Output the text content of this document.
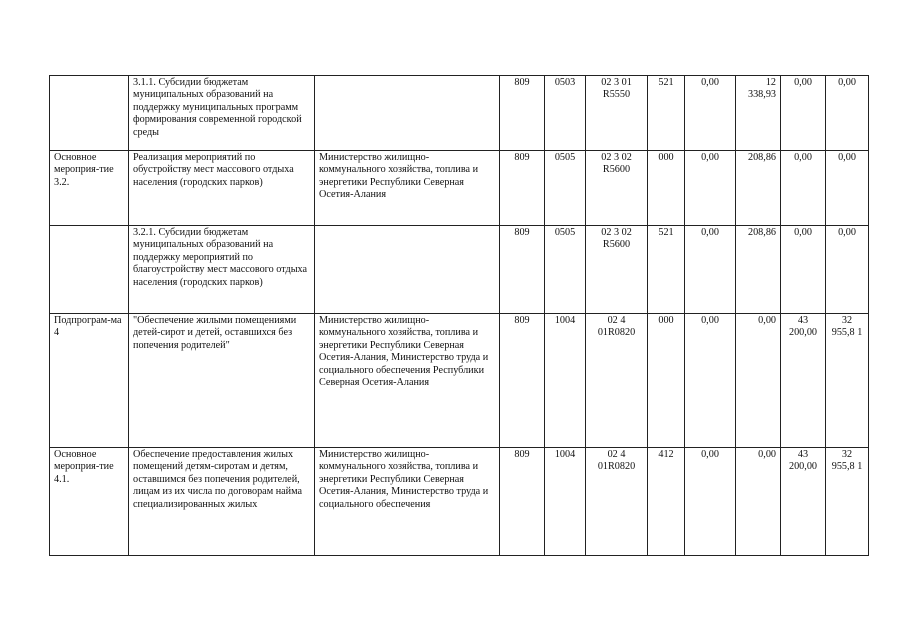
	3.1.1. Субсидии бюджетам муниципальных образований на поддержку муниципальных программ формирования современной городской среды		809	0503	02 3 01 R5550	521	0,00	12 338,93	0,00	0,00
Основное мероприя-тие 3.2.	Реализация мероприятий по обустройству мест массового отдыха населения (городских парков)	Министерство жилищно-коммунального хозяйства, топлива и энергетики Республики Северная Осетия-Алания	809	0505	02 3 02 R5600	000	0,00	208,86	0,00	0,00
	3.2.1. Субсидии бюджетам муниципальных образований на поддержку мероприятий по благоустройству мест массового отдыха населения (городских парков)		809	0505	02 3 02 R5600	521	0,00	208,86	0,00	0,00
Подпрограм-ма 4	"Обеспечение жилыми помещениями детей-сирот и детей, оставшихся без попечения родителей"	Министерство жилищно-коммунального хозяйства, топлива и энергетики Республики Северная Осетия-Алания, Министерство труда и социального обеспечения Республики Северная Осетия-Алания	809	1004	02 4 01R0820	000	0,00	0,00	43 200,00	32 955,8 1
Основное мероприя-тие 4.1.	Обеспечение предоставления жилых помещений детям-сиротам и детям, оставшимся без попечения родителей, лицам из их числа по договорам найма специализированных жилых	Министерство жилищно-коммунального хозяйства, топлива и энергетики Республики Северная Осетия-Алания, Министерство труда и социального обеспечения	809	1004	02 4 01R0820	412	0,00	0,00	43 200,00	32 955,8 1
